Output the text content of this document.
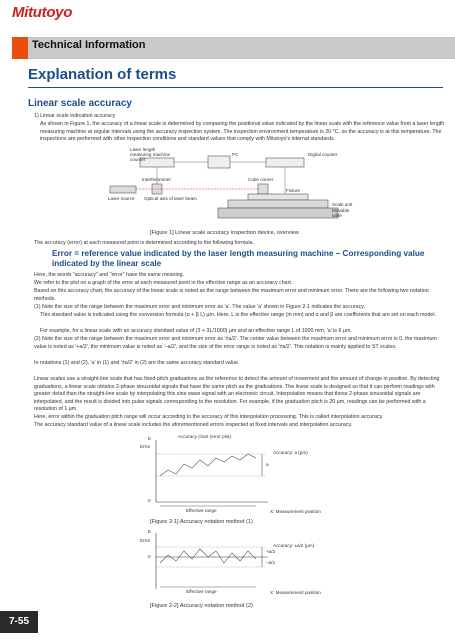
Mitutoyo
Technical Information
Explanation of terms
Linear scale accuracy
1) Linear scale indication accuracy
As shown in Figure 1, the accuracy of a linear scale is determined by comparing the positional value indicated by the linear scale with the reference value from a laser length measuring machine at regular intervals using the accuracy inspection system. The inspection environment temperature is 20 °C, so the accuracy is at this temperature. The inspections are performed with other inspection conditions and standard values that comply with Mitutoyo's internal standards.
Laser length measuring machine counter
PC	Digital counter
Interferometer	Cube corner
Laser source Optical axis of laser beam
Fixture
Scale unit
Movable table
[Figure 1] Linear scale accuracy inspection device, overview
The accuracy (error) at each measured point is determined according to the following formula.
Error = reference value indicated by the laser length measuring machine – Corresponding value indicated by the linear scale
Here, the words "accuracy" and "error" have the same meaning.
We refer to the plot on a graph of the error at each measured point in the effective range as an accuracy chart.
Based on this accuracy chart, the accuracy of the linear scale is noted as the range between the maximum error and minimum error. There are the following two notation methods.
(1) Note the size of the range between the maximum error and minimum error as 'a'. The value 'a' shown in Figure 2-1 indicates the accuracy.
This standard value is indicated using the conversion formula (α + β L) µm. Here, L is the effective range (in mm) and α and β are coefficients that are set on each model.
For example, for a linear scale with an accuracy standard value of (3 + 3L/1000) µm and an effective range L of 1000 mm, 'a' is 6 µm.
(2) Note the size of the range between the maximum error and minimum error as '±a/2'. The center value between the maximum error and minimum error is 0, the maximum value is noted as '+a/2', the minimum value is noted as '–a/2', and the size of the error range is noted as '±a/2'. This notation is mainly applied to ST scales.
In notations (1) and (2), 'a' in (1) and '±a/2' in (2) are the same accuracy standard value.
Linear scales use a straight-line scale that has fixed-pitch graduations as the reference to detect the amount of movement and the amount of change in position. By detecting graduations, a linear scale obtains 2-phase sinusoidal signals that have the same pitch as the graduations. The linear scale is designed so that it can perform readings with greater detail than the straight-line scale by interpolating this sine wave signal with an electronic circuit. Interpolation means that these 2-phase sinusoidal signals are interpolated, and the result is divided into pulse signals corresponding to the resolution. For example, if the graduation pitch is 20 µm, readings can be performed with a resolution of 1 µm.
Here, error within the graduation pitch range will occur according to the accuracy of this interpolation processing. This is called interpolation accuracy.
The accuracy standard value of a linear scale includes the aforementioned errors inspected at fixed intervals and interpolation accuracy.
E
Error
0
Accuracy chart (error plot)
Accuracy: a (µm)
a
Effective range	X: Measurement position
[Figure 2-1] Accuracy notation method (1)
E
Error
0
Accuracy: ±a/2 (µm)
+a/2
–a/2
Effective range	X: Measurement position
[Figure 2-2] Accuracy notation method (2)
7-55
